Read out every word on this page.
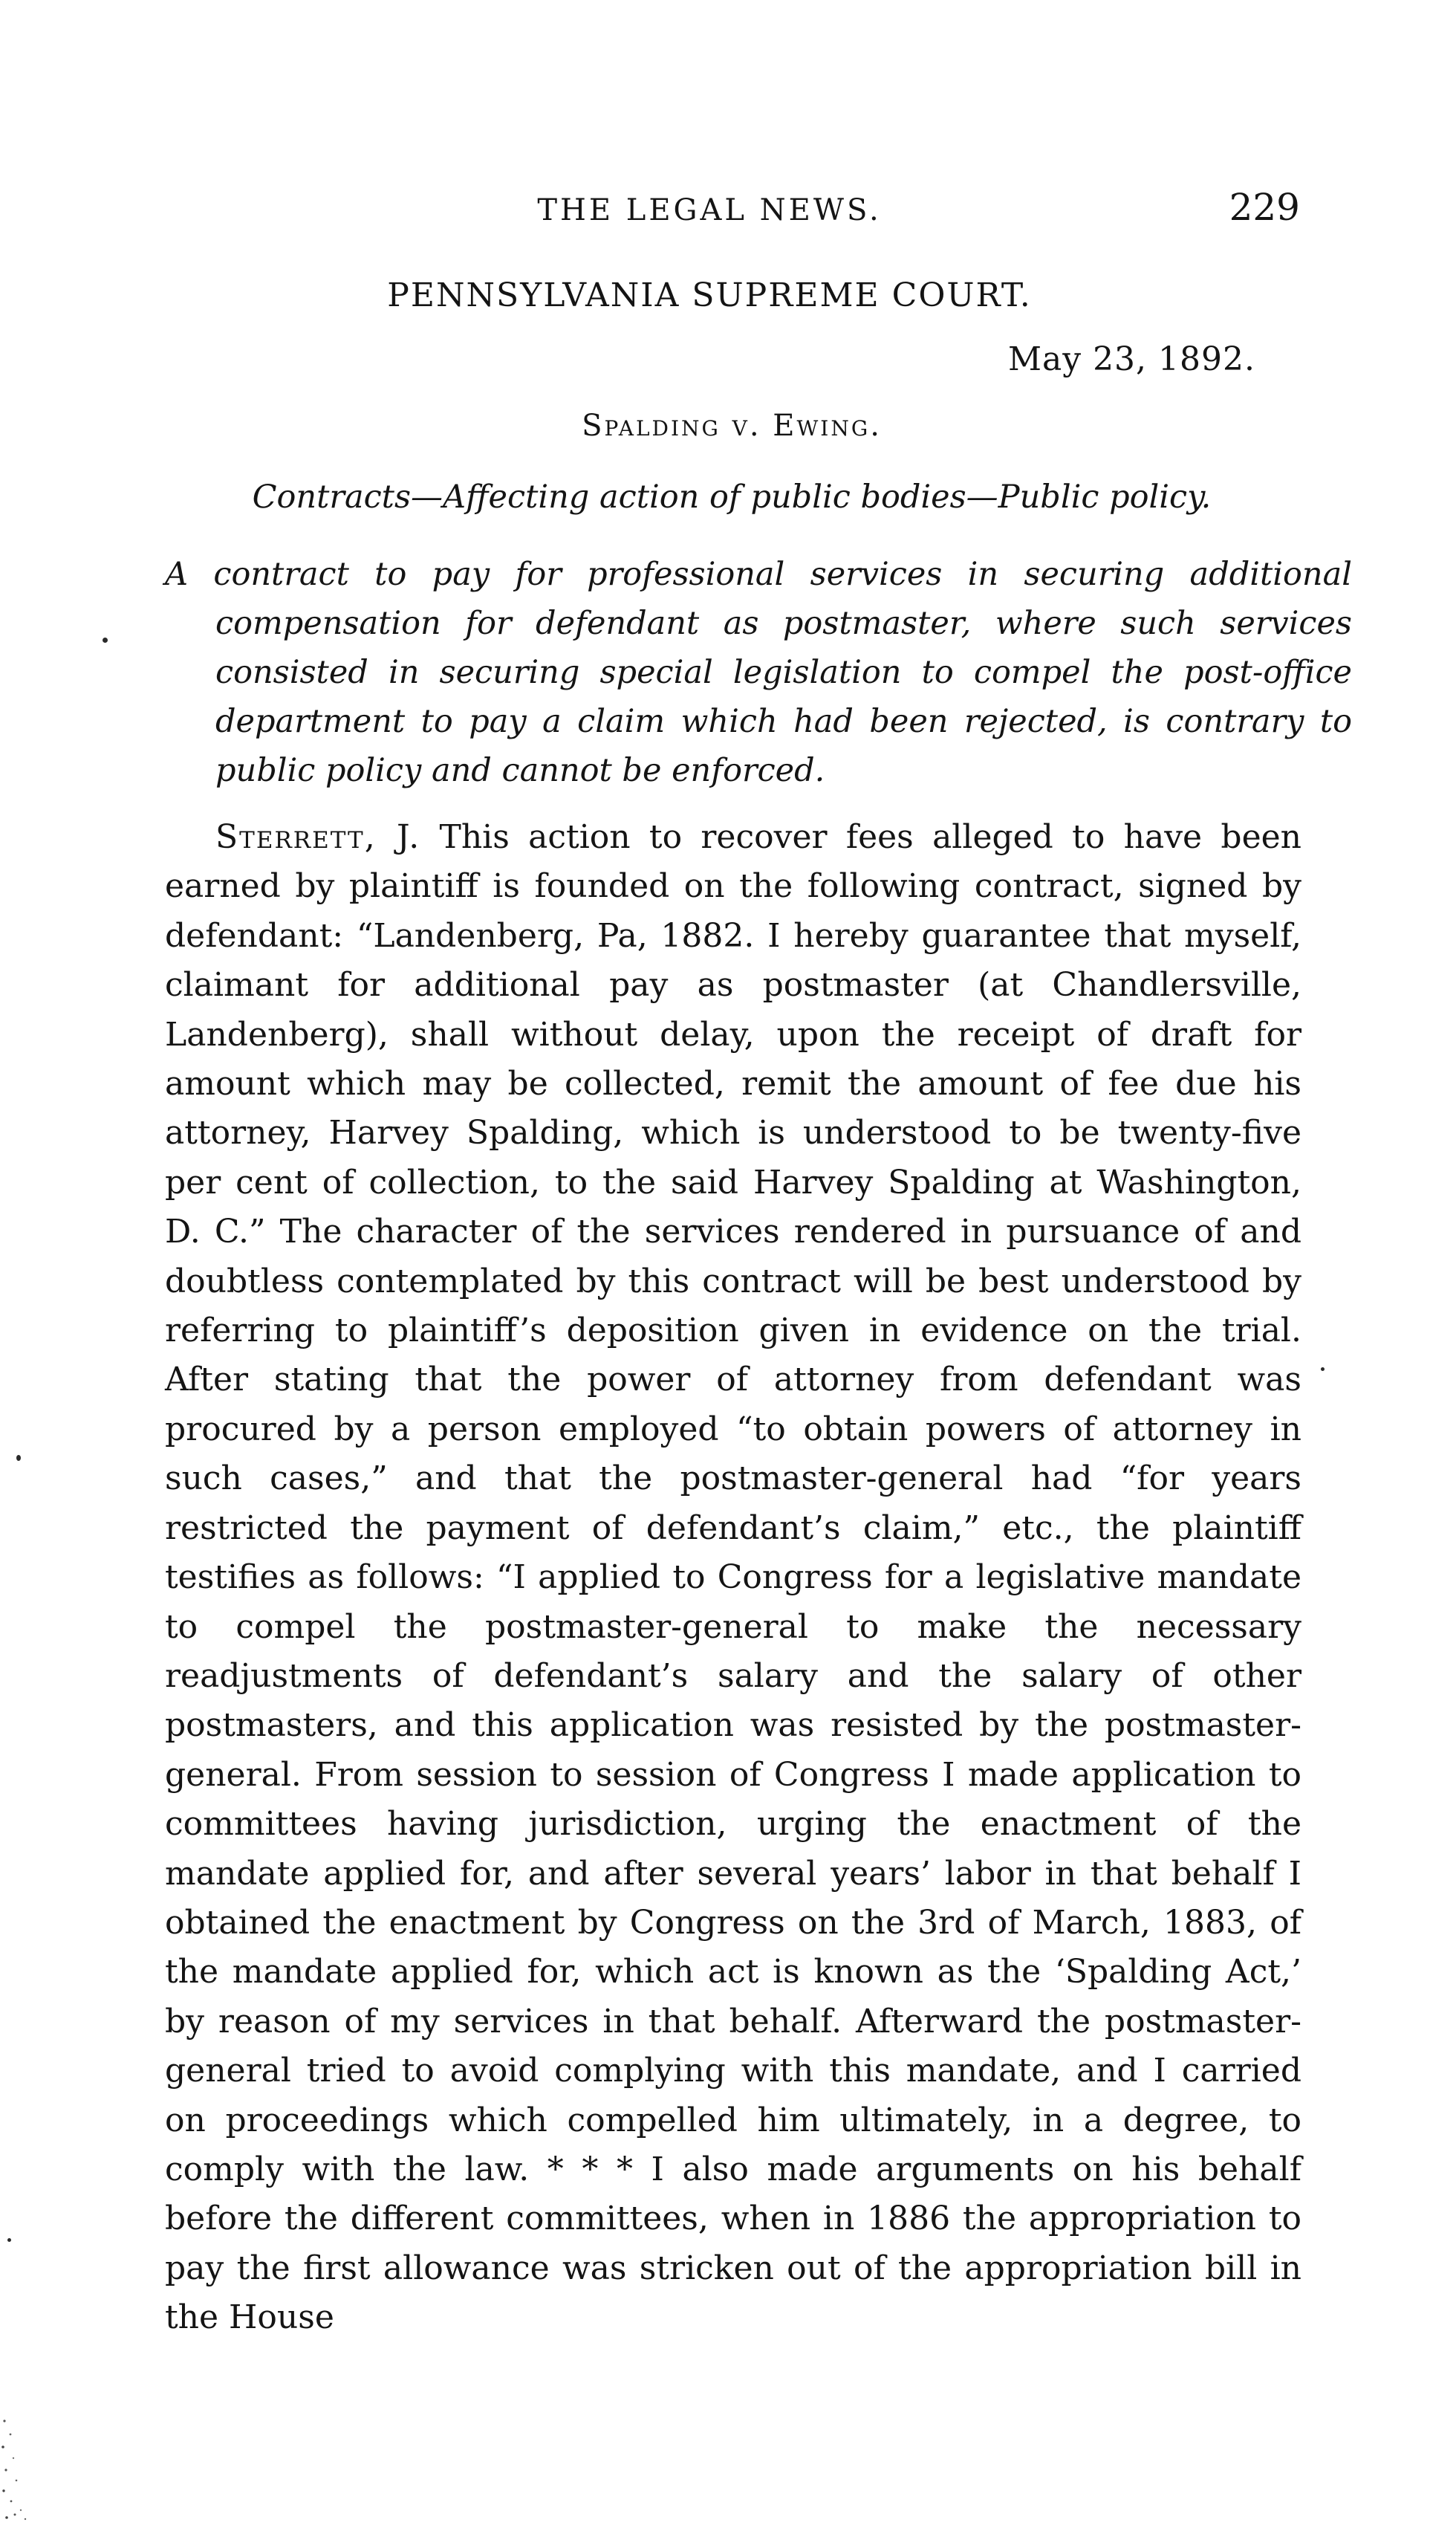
THE LEGAL NEWS.	229
PENNSYLVANIA SUPREME COURT.
May 23, 1892.
Spalding v. Ewing.
Contracts—Affecting action of public bodies—Public policy.
A contract to pay for professional services in securing additional compensation for defendant as postmaster, where such services consisted in securing special legislation to compel the post-office department to pay a claim which had been rejected, is contrary to public policy and cannot be enforced.
Sterrett, J. This action to recover fees alleged to have been earned by plaintiff is founded on the following contract, signed by defendant: “Landenberg, Pa, 1882. I hereby guarantee that myself, claimant for additional pay as postmaster (at Chandlersville, Landenberg), shall without delay, upon the receipt of draft for amount which may be collected, remit the amount of fee due his attorney, Harvey Spalding, which is understood to be twenty-five per cent of collection, to the said Harvey Spalding at Washington, D. C.” The character of the services rendered in pursuance of and doubtless contemplated by this contract will be best understood by referring to plaintiff’s deposition given in evidence on the trial. After stating that the power of attorney from defendant was procured by a person employed “to obtain powers of attorney in such cases,” and that the postmaster-general had “for years restricted the payment of defendant’s claim,” etc., the plaintiff testifies as follows: “I applied to Congress for a legislative mandate to compel the postmaster-general to make the necessary readjustments of defendant’s salary and the salary of other postmasters, and this application was resisted by the postmaster-general. From session to session of Congress I made application to committees having jurisdiction, urging the enactment of the mandate applied for, and after several years’ labor in that behalf I obtained the enactment by Congress on the 3rd of March, 1883, of the mandate applied for, which act is known as the ‘Spalding Act,’ by reason of my services in that behalf. Afterward the postmaster-general tried to avoid complying with this mandate, and I carried on proceedings which compelled him ultimately, in a degree, to comply with the law. * * * I also made arguments on his behalf before the different committees, when in 1886 the appropriation to pay the first allowance was stricken out of the appropriation bill in the House
